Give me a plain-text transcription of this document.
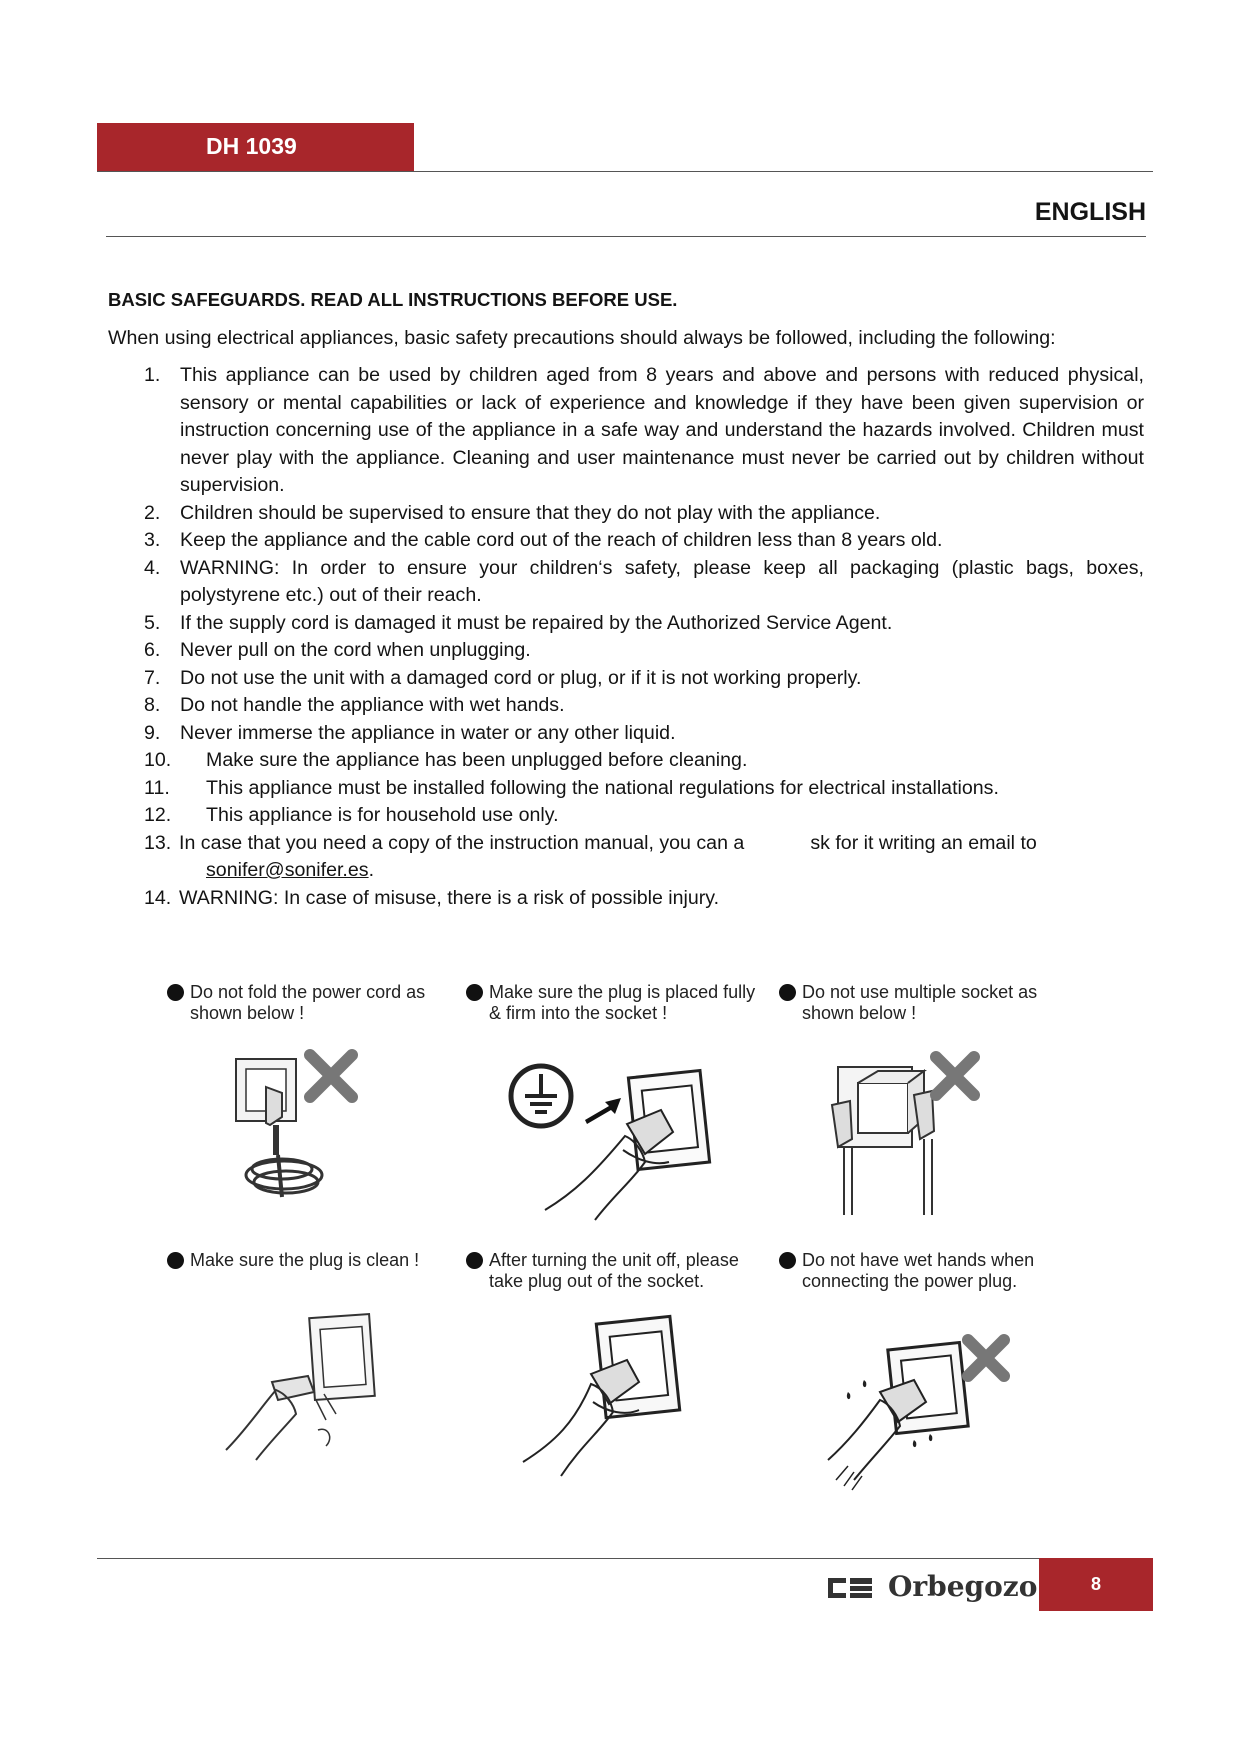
DH 1039
ENGLISH
BASIC SAFEGUARDS. READ ALL INSTRUCTIONS BEFORE USE.
When using electrical appliances, basic safety precautions should always be followed, including the following:
1. This appliance can be used by children aged from 8 years and above and persons with reduced physical, sensory or mental capabilities or lack of experience and knowledge if they have been given supervision or instruction concerning use of the appliance in a safe way and understand the hazards involved. Children must never play with the appliance. Cleaning and user maintenance must never be carried out by children without supervision.
2. Children should be supervised to ensure that they do not play with the appliance.
3. Keep the appliance and the cable cord out of the reach of children less than 8 years old.
4. WARNING: In order to ensure your children‘s safety, please keep all packaging (plastic bags, boxes, polystyrene etc.) out of their reach.
5. If the supply cord is damaged it must be repaired by the Authorized Service Agent.
6. Never pull on the cord when unplugging.
7. Do not use the unit with a damaged cord or plug, or if it is not working properly.
8. Do not handle the appliance with wet hands.
9. Never immerse the appliance in water or any other liquid.
10. Make sure the appliance has been unplugged before cleaning.
11. This appliance must be installed following the national regulations for electrical installations.
12. This appliance is for household use only.
13. In case that you need a copy of the instruction manual, you can a	sk for it writing an email to
sonifer@sonifer.es.
14. WARNING: In case of misuse, there is a risk of possible injury.
Do not fold the power cord as shown below !
Make sure the plug is placed fully & firm into the socket !
Do not use multiple socket as shown below !
Make sure the plug is clean !	After turning the unit off, please take plug out of the socket.
Do not have wet hands when connecting the power plug.
Orbegozo	8
